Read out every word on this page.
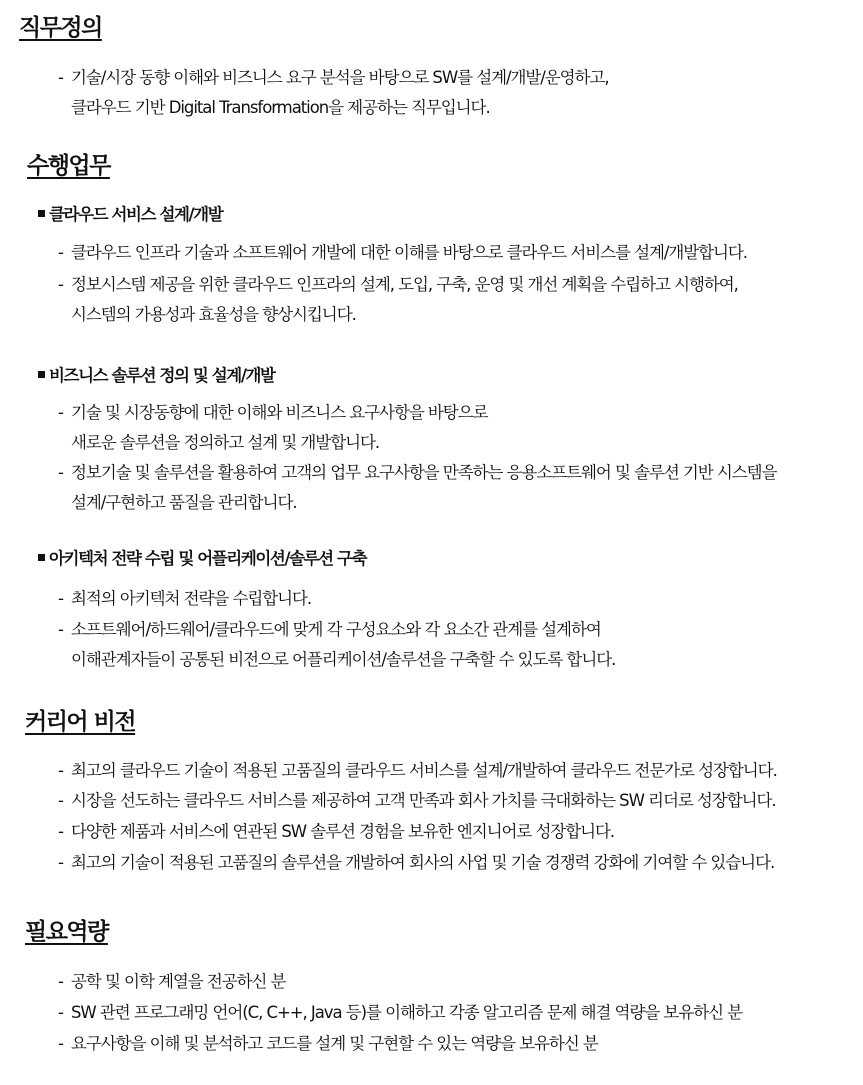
직무정의

- 기술/시장 동향 이해와 비즈니스 요구 분석을 바탕으로 SW를 설계/개발/운영하고,
클라우드 기반 Digital Transformation을 제공하는 직무입니다.

수행업무
클라우드 서비스 설계/개발

- 클라우드 인프라 기술과 소프트웨어 개발에 대한 이해를 바탕으로 클라우드 서비스를 설계/개발합니다.

- 정보시스템 제공을 위한 클라우드 인프라의 설계, 도입, 구축, 운영 및 개선 계획을 수립하고 시행하여,
시스템의 가용성과 효율성을 향상시킵니다.

비즈니스 솔루션 정의 및 설계/개발

- 기술 및 시장동향에 대한 이해와 비즈니스 요구사항을 바탕으로
새로운 솔루션을 정의하고 설계 및 개발합니다.

- 정보기술 및 솔루션을 활용하여 고객의 업무 요구사항을 만족하는 응용소프트웨어 및 솔루션 기반 시스템을
설계/구현하고 품질을 관리합니다.

아키텍처 전략 수립 및 어플리케이션/솔루션 구축

- 최적의 아키텍처 전략을 수립합니다.

- 소프트웨어/하드웨어/클라우드에 맞게 각 구성요소와 각 요소간 관계를 설계하여
이해관계자들이 공통된 비전으로 어플리케이션/솔루션을 구축할 수 있도록 합니다.

커리어 비전

- 최고의 클라우드 기술이 적용된 고품질의 클라우드 서비스를 설계/개발하여 클라우드 전문가로 성장합니다.

- 시장을 선도하는 클라우드 서비스를 제공하여 고객 만족과 회사 가치를 극대화하는 SW 리더로 성장합니다.

- 다양한 제품과 서비스에 연관된 SW 솔루션 경험을 보유한 엔지니어로 성장합니다.

- 최고의 기술이 적용된 고품질의 솔루션을 개발하여 회사의 사업 및 기술 경쟁력 강화에 기여할 수 있습니다.

필요역량

- 공학 및 이학 계열을 전공하신 분

- SW 관련 프로그래밍 언어(C, C++, Java 등)를 이해하고 각종 알고리즘 문제 해결 역량을 보유하신 분

- 요구사항을 이해 및 분석하고 코드를 설계 및 구현할 수 있는 역량을 보유하신 분
